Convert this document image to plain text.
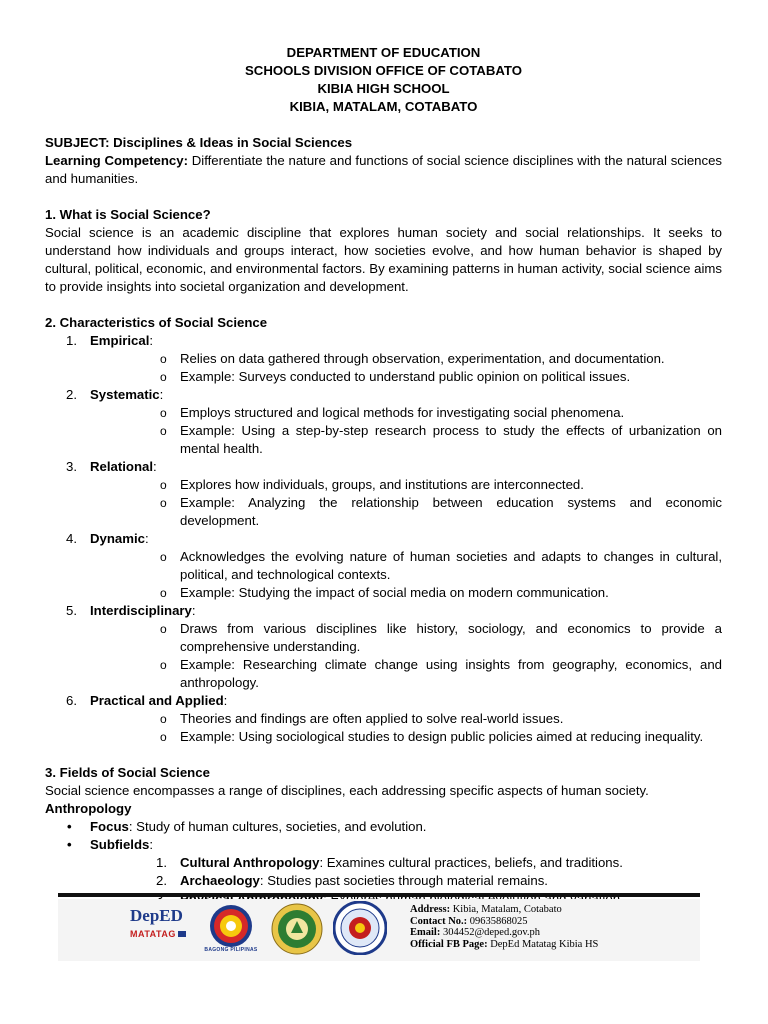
DEPARTMENT OF EDUCATION
SCHOOLS DIVISION OFFICE OF COTABATO
KIBIA HIGH SCHOOL
KIBIA, MATALAM, COTABATO

SUBJECT: Disciplines & Ideas in Social Sciences

Learning Competency: Differentiate the nature and functions of social science disciplines with the natural sciences and humanities.

1. What is Social Science?

Social science is an academic discipline that explores human society and social relationships. It seeks to understand how individuals and groups interact, how societies evolve, and how human behavior is shaped by cultural, political, economic, and environmental factors. By examining patterns in human activity, social science aims to provide insights into societal organization and development.

2. Characteristics of Social Science

1. Empirical:
o Relies on data gathered through observation, experimentation, and documentation.
o Example: Surveys conducted to understand public opinion on political issues.
2. Systematic:
o Employs structured and logical methods for investigating social phenomena.
o Example: Using a step-by-step research process to study the effects of urbanization on mental health.
3. Relational:
o Explores how individuals, groups, and institutions are interconnected.
o Example: Analyzing the relationship between education systems and economic development.
4. Dynamic:
o Acknowledges the evolving nature of human societies and adapts to changes in cultural, political, and technological contexts.
o Example: Studying the impact of social media on modern communication.
5. Interdisciplinary:
o Draws from various disciplines like history, sociology, and economics to provide a comprehensive understanding.
o Example: Researching climate change using insights from geography, economics, and anthropology.
6. Practical and Applied:
o Theories and findings are often applied to solve real-world issues.
o Example: Using sociological studies to design public policies aimed at reducing inequality.

3. Fields of Social Science

Social science encompasses a range of disciplines, each addressing specific aspects of human society.

Anthropology

• Focus: Study of human cultures, societies, and evolution.
• Subfields:
1. Cultural Anthropology: Examines cultural practices, beliefs, and traditions.
2. Archaeology: Studies past societies through material remains.
DepED
MATATAG
BAGONG PILIPINAS
Address: Kibia, Matalam, Cotabato
Contact No.: 09635868025
Email: 304452@deped.gov.ph
Official FB Page: DepEd Matatag Kibia HS
